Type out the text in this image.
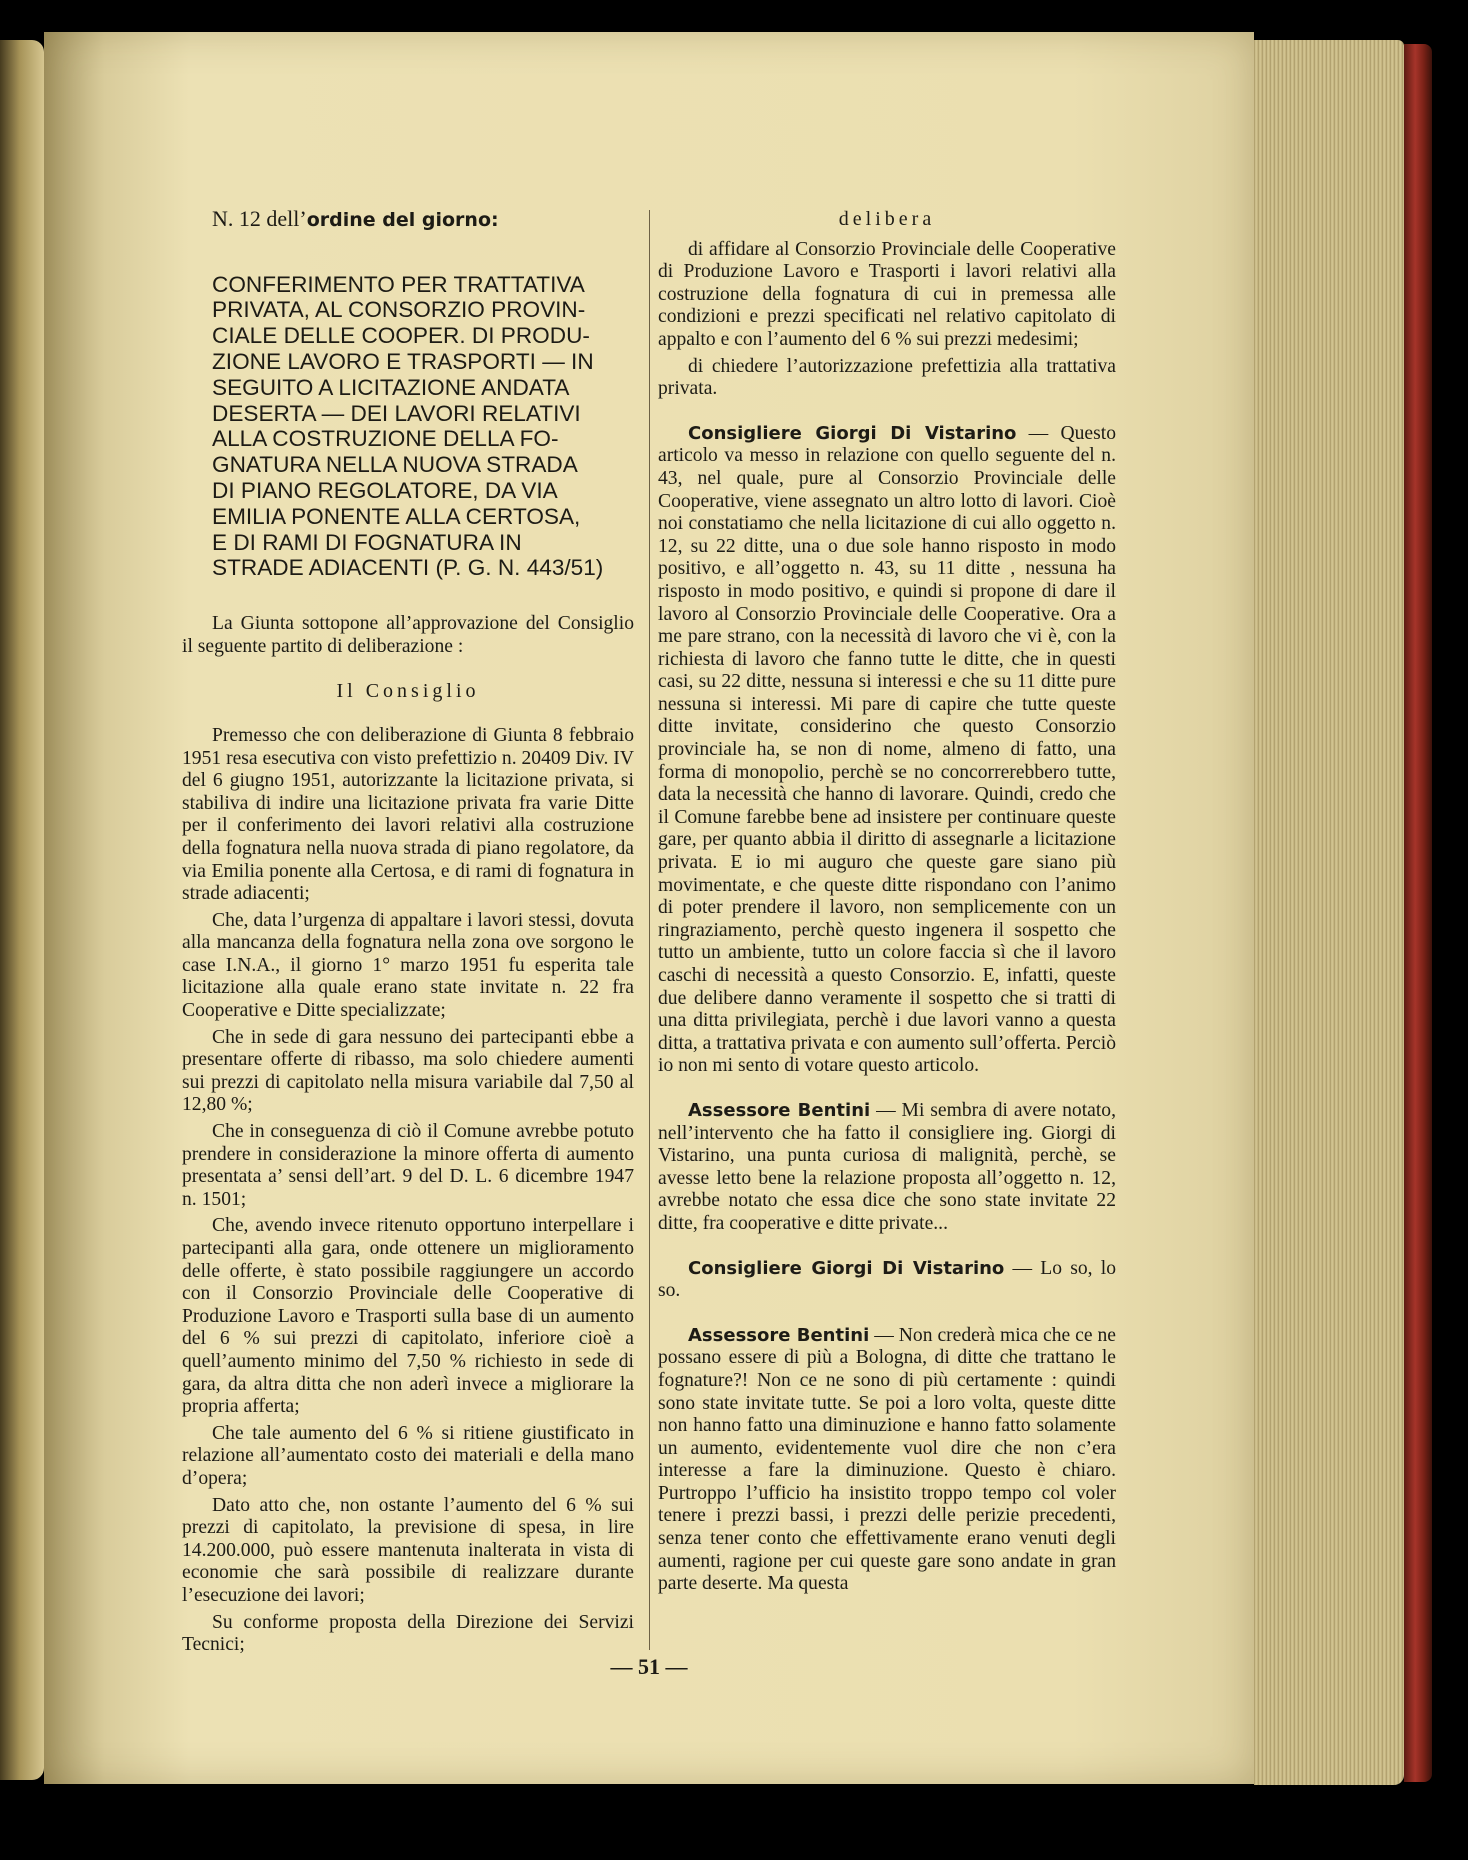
N. 12 dell’ordine del giorno:

CONFERIMENTO PER TRATTATIVA
PRIVATA, AL CONSORZIO PROVIN-
CIALE DELLE COOPER. DI PRODU-
ZIONE LAVORO E TRASPORTI — IN
SEGUITO A LICITAZIONE ANDATA
DESERTA — DEI LAVORI RELATIVI
ALLA COSTRUZIONE DELLA FO-
GNATURA NELLA NUOVA STRADA
DI PIANO REGOLATORE, DA VIA
EMILIA PONENTE ALLA CERTOSA,
E DI RAMI DI FOGNATURA IN
STRADE ADIACENTI (P. G. N. 443/51)

La Giunta sottopone all’approvazione del Consiglio il seguente partito di deliberazione :

Il Consiglio

Premesso che con deliberazione di Giunta 8 febbraio 1951 resa esecutiva con visto prefettizio n. 20409 Div. IV del 6 giugno 1951, autorizzante la licitazione privata, si stabiliva di indire una licitazione privata fra varie Ditte per il conferimento dei lavori relativi alla costruzione della fognatura nella nuova strada di piano regolatore, da via Emilia ponente alla Certosa, e di rami di fognatura in strade adiacenti;

Che, data l’urgenza di appaltare i lavori stessi, dovuta alla mancanza della fognatura nella zona ove sorgono le case I.N.A., il giorno 1° marzo 1951 fu esperita tale licitazione alla quale erano state invitate n. 22 fra Cooperative e Ditte specializzate;

Che in sede di gara nessuno dei partecipanti ebbe a presentare offerte di ribasso, ma solo chiedere aumenti sui prezzi di capitolato nella misura variabile dal 7,50 al 12,80 %;

Che in conseguenza di ciò il Comune avrebbe potuto prendere in considerazione la minore offerta di aumento presentata a’ sensi dell’art. 9 del D. L. 6 dicembre 1947 n. 1501;

Che, avendo invece ritenuto opportuno interpellare i partecipanti alla gara, onde ottenere un miglioramento delle offerte, è stato possibile raggiungere un accordo con il Consorzio Provinciale delle Cooperative di Produzione Lavoro e Trasporti sulla base di un aumento del 6 % sui prezzi di capitolato, inferiore cioè a quell’aumento minimo del 7,50 % richiesto in sede di gara, da altra ditta che non aderì invece a migliorare la propria afferta;

Che tale aumento del 6 % si ritiene giustificato in relazione all’aumentato costo dei materiali e della mano d’opera;

Dato atto che, non ostante l’aumento del 6 % sui prezzi di capitolato, la previsione di spesa, in lire 14.200.000, può essere mantenuta inalterata in vista di economie che sarà possibile di realizzare durante l’esecuzione dei lavori;

Su conforme proposta della Direzione dei Servizi Tecnici;

delibera

di affidare al Consorzio Provinciale delle Cooperative di Produzione Lavoro e Trasporti i lavori relativi alla costruzione della fognatura di cui in premessa alle condizioni e prezzi specificati nel relativo capitolato di appalto e con l’aumento del 6 % sui prezzi medesimi;

di chiedere l’autorizzazione prefettizia alla trattativa privata.

Consigliere Giorgi Di Vistarino — Questo articolo va messo in relazione con quello seguente del n. 43, nel quale, pure al Consorzio Provinciale delle Cooperative, viene assegnato un altro lotto di lavori. Cioè noi constatiamo che nella licitazione di cui allo oggetto n. 12, su 22 ditte, una o due sole hanno risposto in modo positivo, e all’oggetto n. 43, su 11 ditte , nessuna ha risposto in modo positivo, e quindi si propone di dare il lavoro al Consorzio Provinciale delle Cooperative. Ora a me pare strano, con la necessità di lavoro che vi è, con la richiesta di lavoro che fanno tutte le ditte, che in questi casi, su 22 ditte, nessuna si interessi e che su 11 ditte pure nessuna si interessi. Mi pare di capire che tutte queste ditte invitate, considerino che questo Consorzio provinciale ha, se non di nome, almeno di fatto, una forma di monopolio, perchè se no concorrerebbero tutte, data la necessità che hanno di lavorare. Quindi, credo che il Comune farebbe bene ad insistere per continuare queste gare, per quanto abbia il diritto di assegnarle a licitazione privata. E io mi auguro che queste gare siano più movimentate, e che queste ditte rispondano con l’animo di poter prendere il lavoro, non semplicemente con un ringraziamento, perchè questo ingenera il sospetto che tutto un ambiente, tutto un colore faccia sì che il lavoro caschi di necessità a questo Consorzio. E, infatti, queste due delibere danno veramente il sospetto che si tratti di una ditta privilegiata, perchè i due lavori vanno a questa ditta, a trattativa privata e con aumento sull’offerta. Perciò io non mi sento di votare questo articolo.

Assessore Bentini — Mi sembra di avere notato, nell’intervento che ha fatto il consigliere ing. Giorgi di Vistarino, una punta curiosa di malignità, perchè, se avesse letto bene la relazione proposta all’oggetto n. 12, avrebbe notato che essa dice che sono state invitate 22 ditte, fra cooperative e ditte private...

Consigliere Giorgi Di Vistarino — Lo so, lo so.

Assessore Bentini — Non crederà mica che ce ne possano essere di più a Bologna, di ditte che trattano le fognature?! Non ce ne sono di più certamente : quindi sono state invitate tutte. Se poi a loro volta, queste ditte non hanno fatto una diminuzione e hanno fatto solamente un aumento, evidentemente vuol dire che non c’era interesse a fare la diminuzione. Questo è chiaro. Purtroppo l’ufficio ha insistito troppo tempo col voler tenere i prezzi bassi, i prezzi delle perizie precedenti, senza tener conto che effettivamente erano venuti degli aumenti, ragione per cui queste gare sono andate in gran parte deserte. Ma questa

— 51 —
